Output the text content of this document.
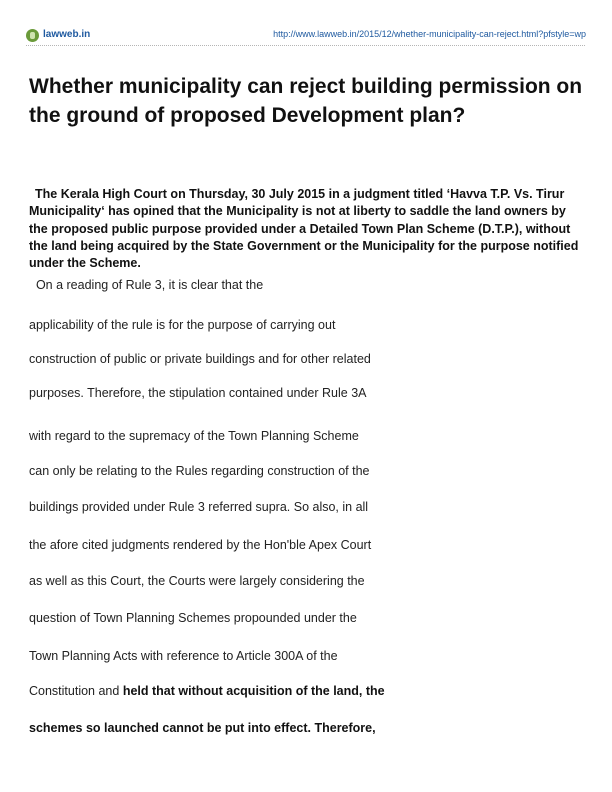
lawweb.in	http://www.lawweb.in/2015/12/whether-municipality-can-reject.html?pfstyle=wp
Whether municipality can reject building permission on the ground of proposed Development plan?

The Kerala High Court on Thursday, 30 July 2015 in a judgment titled ‘Havva T.P. Vs. Tirur Municipality‘ has opined that the Municipality is not at liberty to saddle the land owners by the proposed public purpose provided under a Detailed Town Plan Scheme (D.T.P.), without the land being acquired by the State Government or the Municipality for the purpose notified under the Scheme.

On a reading of Rule 3, it is clear that the
applicability of the rule is for the purpose of carrying out
construction of public or private buildings and for other related
purposes. Therefore, the stipulation contained under Rule 3A
with regard to the supremacy of the Town Planning Scheme
can only be relating to the Rules regarding construction of the
buildings provided under Rule 3 referred supra. So also, in all
the afore cited judgments rendered by the Hon'ble Apex Court
as well as this Court, the Courts were largely considering the
question of Town Planning Schemes propounded under the
Town Planning Acts with reference to Article 300A of the
Constitution and held that without acquisition of the land, the
schemes so launched cannot be put into effect. Therefore,
